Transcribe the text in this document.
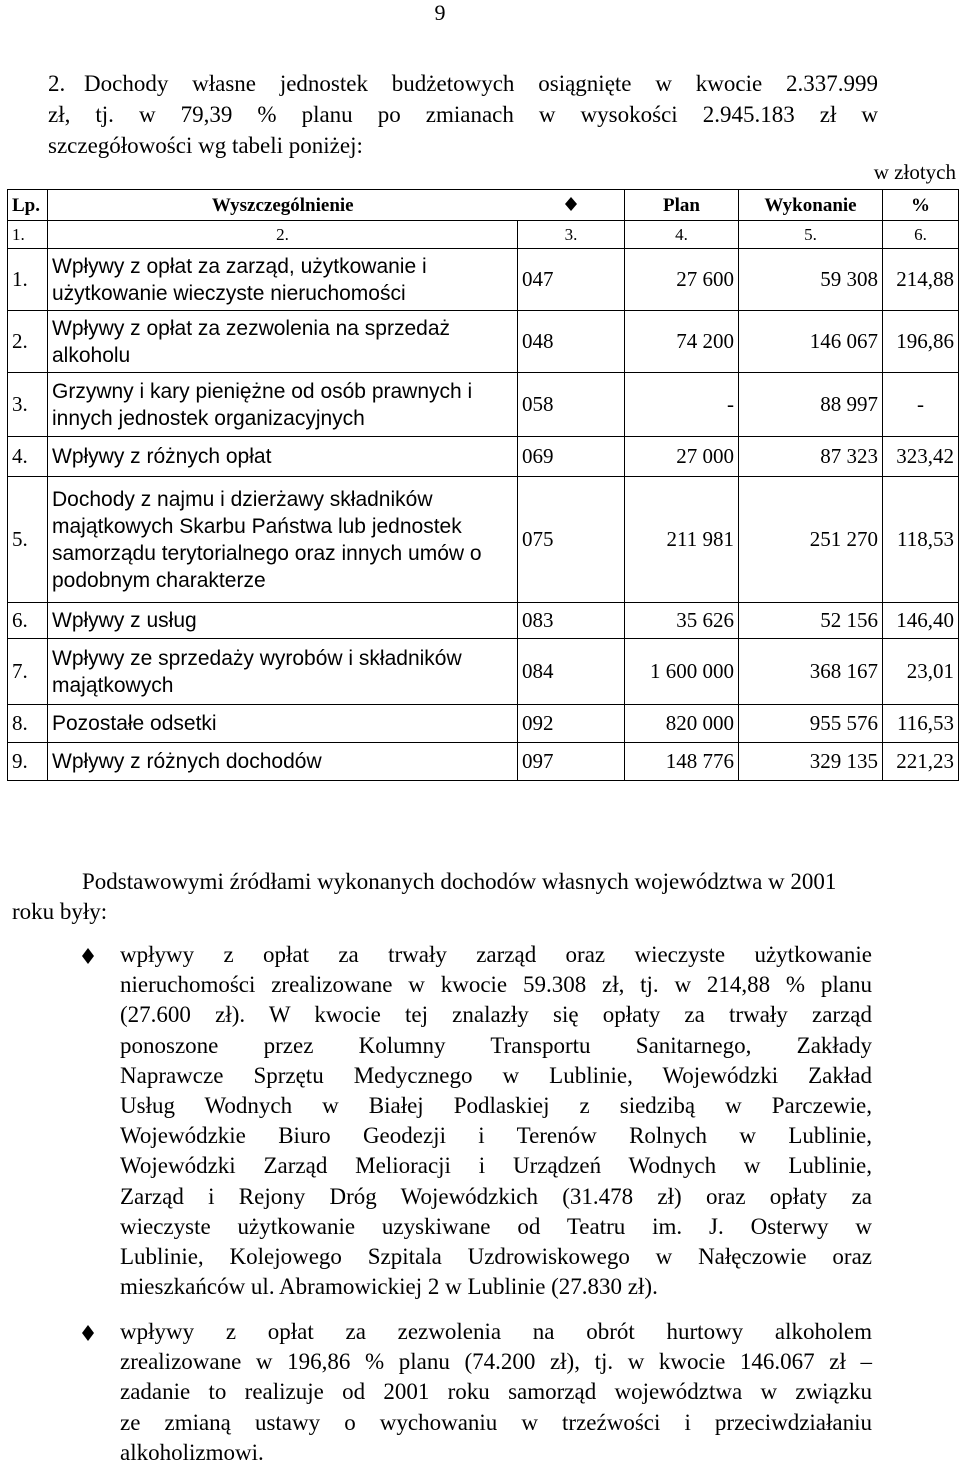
9
2. Dochody własne jednostek budżetowych osiągnięte w kwocie 2.337.999
zł, tj. w 79,39 % planu po zmianach w wysokości 2.945.183 zł w
szczegółowości wg tabeli poniżej:
w złotych
Lp.	Wyszczególnienie		Plan	Wykonanie	%
1.	2.	3.	4.	5.	6.
1.	Wpływy z opłat za zarząd, użytkowanie i użytkowanie wieczyste nieruchomości	047	27 600	59 308	214,88
2.	Wpływy z opłat za zezwolenia na sprzedaż alkoholu	048	74 200	146 067	196,86
3.	Grzywny i kary pieniężne od osób prawnych i innych jednostek organizacyjnych	058	-	88 997	-
4.	Wpływy z różnych opłat	069	27 000	87 323	323,42
5.	Dochody z najmu i dzierżawy składników majątkowych Skarbu Państwa lub jednostek samorządu terytorialnego oraz innych umów o podobnym charakterze	075	211 981	251 270	118,53
6.	Wpływy z usług	083	35 626	52 156	146,40
7.	Wpływy ze sprzedaży wyrobów i składników majątkowych	084	1 600 000	368 167	23,01
8.	Pozostałe odsetki	092	820 000	955 576	116,53
9.	Wpływy z różnych dochodów	097	148 776	329 135	221,23
Podstawowymi źródłami wykonanych dochodów własnych województwa w 2001 roku były:
wpływy z opłat za trwały zarząd oraz wieczyste użytkowanie
nieruchomości zrealizowane w kwocie 59.308 zł, tj. w 214,88 % planu
(27.600 zł). W kwocie tej znalazły się opłaty za trwały zarząd
ponoszone przez Kolumny Transportu Sanitarnego, Zakłady
Naprawcze Sprzętu Medycznego w Lublinie, Wojewódzki Zakład
Usług Wodnych w Białej Podlaskiej z siedzibą w Parczewie,
Wojewódzkie Biuro Geodezji i Terenów Rolnych w Lublinie,
Wojewódzki Zarząd Melioracji i Urządzeń Wodnych w Lublinie,
Zarząd i Rejony Dróg Wojewódzkich (31.478 zł) oraz opłaty za
wieczyste użytkowanie uzyskiwane od Teatru im. J. Osterwy w
Lublinie, Kolejowego Szpitala Uzdrowiskowego w Nałęczowie oraz
mieszkańców ul. Abramowickiej 2 w Lublinie (27.830 zł).
wpływy z opłat za zezwolenia na obrót hurtowy alkoholem
zrealizowane w 196,86 % planu (74.200 zł), tj. w kwocie 146.067 zł –
zadanie to realizuje od 2001 roku samorząd województwa w związku
ze zmianą ustawy o wychowaniu w trzeźwości i przeciwdziałaniu
alkoholizmowi.
